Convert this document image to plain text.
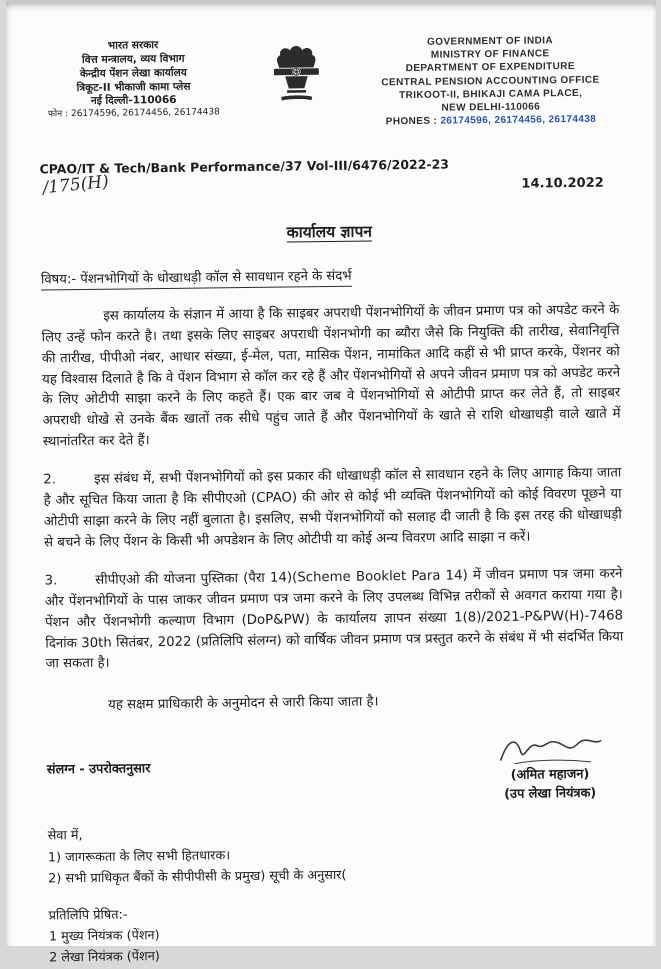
भारत सरकार
वित्त मन्त्रालय, व्यय विभाग
केन्द्रीय पेंशन लेखा कार्यालय
त्रिकूट-II भीकाजी कामा प्लेस
नई दिल्ली-110066
फोन : 26174596, 26174456, 26174438
GOVERNMENT OF INDIA
MINISTRY OF FINANCE
DEPARTMENT OF EXPENDITURE
CENTRAL PENSION ACCOUNTING OFFICE
TRIKOOT-II, BHIKAJI CAMA PLACE,
NEW DELHI-110066
PHONES : 26174596, 26174456, 26174438
CPAO/IT & Tech/Bank Performance/37 Vol-III/6476/2022-23 /175(H)	14.10.2022
कार्यालय ज्ञापन
विषय:- पेंशनभोगियों के धोखाधड़ी कॉल से सावधान रहने के संदर्भ

इस कार्यालय के संज्ञान में आया है कि साइबर अपराधी पेंशनभोगियों के जीवन प्रमाण पत्र को अपडेट करने के लिए उन्हें फोन करते है। तथा इसके लिए साइबर अपराधी पेंशनभोगी का ब्यौरा जैसे कि नियुक्ति की तारीख, सेवानिवृत्ति की तारीख, पीपीओ नंबर, आधार संख्या, ई-मेल, पता, मासिक पेंशन, नामांकित आदि कहीं से भी प्राप्त करके, पेंशनर को यह विश्वास दिलाते है कि वे पेंशन विभाग से कॉल कर रहे हैं और पेंशनभोगियों से अपने जीवन प्रमाण पत्र को अपडेट करने के लिए ओटीपी साझा करने के लिए कहते हैं। एक बार जब वे पेंशनभोगियों से ओटीपी प्राप्त कर लेते हैं, तो साइबर अपराधी धोखे से उनके बैंक खातों तक सीधे पहुंच जाते हैं और पेंशनभोगियों के खाते से राशि धोखाधड़ी वाले खाते में स्थानांतरित कर देते हैं।

2.	इस संबंध में, सभी पेंशनभोगियों को इस प्रकार की धोखाधड़ी कॉल से सावधान रहने के लिए आगाह किया जाता है और सूचित किया जाता है कि सीपीएओ (CPAO) की ओर से कोई भी व्यक्ति पेंशनभोगियों को कोई विवरण पूछने या ओटीपी साझा करने के लिए नहीं बुलाता है। इसलिए, सभी पेंशनभोगियों को सलाह दी जाती है कि इस तरह की धोखाधड़ी से बचने के लिए पेंशन के किसी भी अपडेशन के लिए ओटीपी या कोई अन्य विवरण आदि साझा न करें।

3.	सीपीएओ की योजना पुस्तिका (पैरा 14)(Scheme Booklet Para 14) में जीवन प्रमाण पत्र जमा करने और पेंशनभोगियों के पास जाकर जीवन प्रमाण पत्र जमा करने के लिए उपलब्ध विभिन्न तरीकों से अवगत कराया गया है। पेंशन और पेंशनभोगी कल्याण विभाग (DoP&PW) के कार्यालय ज्ञापन संख्या 1(8)/2021-P&PW(H)-7468 दिनांक 30th सितंबर, 2022 (प्रतिलिपि संलग्न) को वार्षिक जीवन प्रमाण पत्र प्रस्तुत करने के संबंध में भी संदर्भित किया जा सकता है।

यह सक्षम प्राधिकारी के अनुमोदन से जारी किया जाता है।

संलग्न - उपरोक्तनुसार	(अमित महाजन)
(उप लेखा नियंत्रक)
सेवा में,
1) जागरूकता के लिए सभी हितधारक।
2) सभी प्राधिकृत बैंकों के सीपीपीसी के प्रमुख) सूची के अनुसार(
प्रतिलिपि प्रेषित:-
1 मुख्य नियंत्रक (पेंशन)
2 लेखा नियंत्रक (पेंशन)
